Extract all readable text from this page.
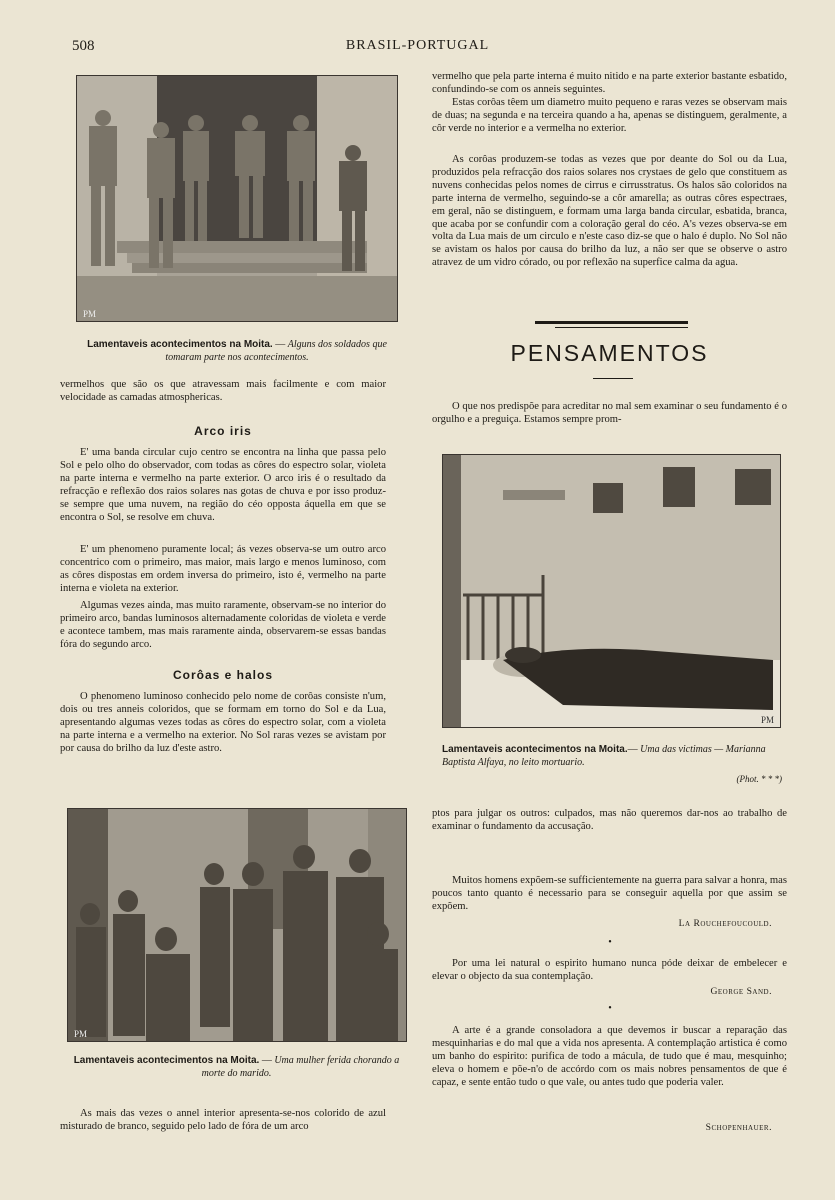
508	BRASIL-PORTUGAL
PM
Lamentaveis acontecimentos na Moita. — Alguns dos soldados que tomaram parte nos acontecimentos.

vermelhos que são os que atravessam mais facilmente e com maior velocidade as camadas atmosphericas.

Arco iris

E' uma banda circular cujo centro se encontra na linha que passa pelo Sol e pelo olho do observador, com todas as côres do espectro solar, violeta na parte interna e vermelho na parte exterior. O arco iris é o resultado da refracção e reflexão dos raios solares nas gotas de chuva e por isso produz-se sempre que uma nuvem, na região do céo opposta áquella em que se encontra o Sol, se resolve em chuva.

E' um phenomeno puramente local; ás vezes observa-se um outro arco concentrico com o primeiro, mas maior, mais largo e menos luminoso, com as côres dispostas em ordem inversa do primeiro, isto é, vermelho na parte interna e violeta na exterior.

Algumas vezes ainda, mas muito raramente, observam-se no interior do primeiro arco, bandas luminosos alternadamente coloridas de violeta e verde e acontece tambem, mas mais raramente ainda, observarem-se essas bandas fóra do segundo arco.

Corôas e halos

O phenomeno luminoso conhecido pelo nome de corôas consiste n'um, dois ou tres anneis coloridos, que se formam em torno do Sol e da Lua, apresentando algumas vezes todas as côres do espectro solar, com a violeta na parte interna e a vermelho na exterior. No Sol raras vezes se avistam por por causa do brilho da luz d'este astro.

PM
Lamentaveis acontecimentos na Moita. — Uma mulher ferida chorando a morte do marido.

As mais das vezes o annel interior apresenta-se-nos colorido de azul misturado de branco, seguido pelo lado de fóra de um arco

vermelho que pela parte interna é muito nitido e na parte exterior bastante esbatido, confundindo-se com os anneis seguintes.

Estas corôas têem um diametro muito pequeno e raras vezes se observam mais de duas; na segunda e na terceira quando a ha, apenas se distinguem, geralmente, a côr verde no interior e a vermelha no exterior.

As corôas produzem-se todas as vezes que por deante do Sol ou da Lua, produzidos pela refracção dos raios solares nos crystaes de gelo que constituem as nuvens conhecidas pelos nomes de cirrus e cirrusstratus. Os halos são coloridos na parte interna de vermelho, seguindo-se a côr amarella; as outras côres espectraes, em geral, não se distinguem, e formam uma larga banda circular, esbatida, branca, que acaba por se confundir com a coloração geral do céo. A's vezes observa-se em volta da Lua mais de um circulo e n'este caso diz-se que o halo é duplo. No Sol não se avistam os halos por causa do brilho da luz, a não ser que se observe o astro atravez de um vidro córado, ou por reflexão na superfice calma da agua.

PENSAMENTOS

O que nos predispõe para acreditar no mal sem examinar o seu fundamento é o orgulho e a preguiça. Estamos sempre prom-

PM
Lamentaveis acontecimentos na Moita.— Uma das victimas — Marianna Baptista Alfaya, no leito mortuario.
(Phot. * * *)

ptos para julgar os outros: culpados, mas não queremos dar-nos ao trabalho de examinar o fundamento da accusação.

Muitos homens expõem-se sufficientemente na guerra para salvar a honra, mas poucos tanto quanto é necessario para se conseguir aquella por que assim se expõem.

La Rouchefoucould.
•

Por uma lei natural o espirito humano nunca póde deixar de embelecer e elevar o objecto da sua contemplação.

George Sand.
•

A arte é a grande consoladora a que devemos ir buscar a reparação das mesquinharias e do mal que a vida nos apresenta. A contemplação artistica é como um banho do espirito: purifica de todo a mácula, de tudo que é mau, mesquinho; eleva o homem e põe-n'o de accórdo com os mais nobres pensamentos de que é capaz, e sente então tudo o que vale, ou antes tudo que poderia valer.

Schopenhauer.
